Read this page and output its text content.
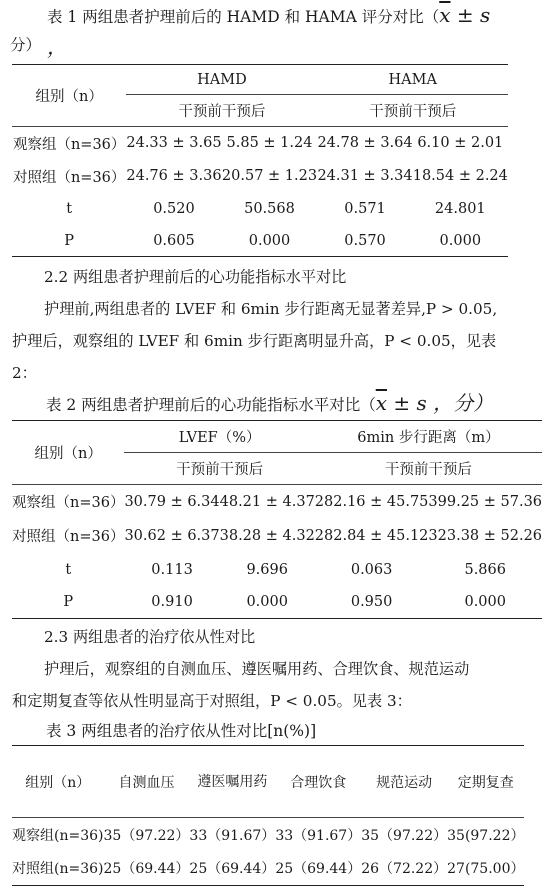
表 1 两组患者护理前后的 HAMD 和 HAMA 评分对比（$\overline{x} \pm s$ ，
分）
组别（n）	HAMD		HAMA	
	干预前干预后		干预前干预后	
观察组（n=36）	24.33 ± 3.65	5.85 ± 1.24	24.78 ± 3.64	6.10 ± 2.01
对照组（n=36）	24.76 ± 3.36	20.57 ± 1.23	24.31 ± 3.34	18.54 ± 2.24
t	0.520	50.568	0.571	24.801
P	0.605	0.000	0.570	0.000
2.2 两组患者护理前后的心功能指标水平对比
护理前,两组患者的 LVEF 和 6min 步行距离无显著差异,P > 0.05,
护理后，观察组的 LVEF 和 6min 步行距离明显升高，P < 0.05，见表
2：
表 2 两组患者护理前后的心功能指标水平对比（$\overline{x} \pm s$ ，分）
组别（n）	LVEF（%）		6min 步行距离（m）	
	干预前干预后		干预前干预后	
观察组（n=36）	30.79 ± 6.34	48.21 ± 4.37	282.16 ± 45.75	399.25 ± 57.36
对照组（n=36）	30.62 ± 6.37	38.28 ± 4.32	282.84 ± 45.12	323.38 ± 52.26
t	0.113	9.696	0.063	5.866
P	0.910	0.000	0.950	0.000
2.3 两组患者的治疗依从性对比
护理后，观察组的自测血压、遵医嘱用药、合理饮食、规范运动
和定期复查等依从性明显高于对照组，P < 0.05。见表 3：
表 3 两组患者的治疗依从性对比[n(%)]
组别（n）	自测血压	遵医嘱用药	合理饮食	规范运动	定期复查
观察组(n=36)	35（97.22）	33（91.67）	33（91.67）	35（97.22）	35(97.22）
对照组(n=36)	25（69.44）	25（69.44）	25（69.44）	26（72.22）	27(75.00）
